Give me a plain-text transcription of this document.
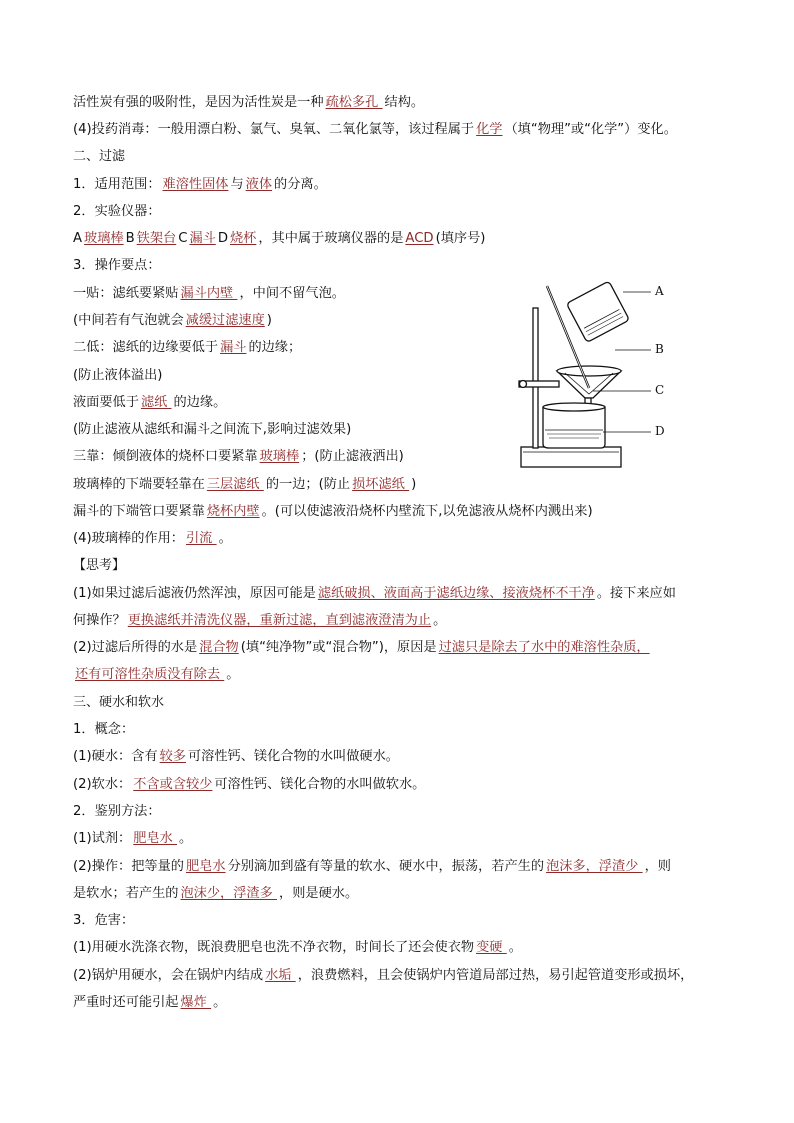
活性炭有强的吸附性，是因为活性炭是一种 疏松多孔 结构。
(4)投药消毒：一般用漂白粉、氯气、臭氧、二氧化氯等，该过程属于 化学 （填“物理”或“化学”）变化。
二、过滤
1．适用范围： 难溶性固体 与 液体 的分离。
2．实验仪器：
A 玻璃棒 B 铁架台 C 漏斗 D 烧杯 ，其中属于玻璃仪器的是 ACD (填序号)
3．操作要点：
一贴：滤纸要紧贴 漏斗内壁 ，中间不留气泡。
(中间若有气泡就会 减缓过滤速度 )
二低：滤纸的边缘要低于 漏斗 的边缘；
(防止液体溢出)
液面要低于 滤纸 的边缘。
(防止滤液从滤纸和漏斗之间流下,影响过滤效果)
三靠：倾倒液体的烧杯口要紧靠 玻璃棒 ；(防止滤液洒出)
玻璃棒的下端要轻靠在 三层滤纸 的一边；(防止 损坏滤纸 )
漏斗的下端管口要紧靠 烧杯内壁 。(可以使滤液沿烧杯内壁流下,以免滤液从烧杯内溅出来)
(4)玻璃棒的作用： 引流 。
【思考】
(1)如果过滤后滤液仍然浑浊，原因可能是 滤纸破损、液面高于滤纸边缘、接液烧杯不干净 。接下来应如
何操作？ 更换滤纸并清洗仪器，重新过滤，直到滤液澄清为止 。
(2)过滤后所得的水是 混合物 (填“纯净物”或“混合物”)，原因是 过滤只是除去了水中的难溶性杂质，
还有可溶性杂质没有除去 。
三、硬水和软水
1．概念：
(1)硬水：含有 较多 可溶性钙、镁化合物的水叫做硬水。
(2)软水： 不含或含较少 可溶性钙、镁化合物的水叫做软水。
2．鉴别方法：
(1)试剂： 肥皂水 。
(2)操作：把等量的 肥皂水 分别滴加到盛有等量的软水、硬水中，振荡，若产生的 泡沫多，浮渣少 ，则
是软水；若产生的 泡沫少，浮渣多 ，则是硬水。
3．危害：
(1)用硬水洗涤衣物，既浪费肥皂也洗不净衣物，时间长了还会使衣物 变硬 。
(2)锅炉用硬水，会在锅炉内结成 水垢 ，浪费燃料，且会使锅炉内管道局部过热，易引起管道变形或损坏，
严重时还可能引起 爆炸 。
A
B
C
D
